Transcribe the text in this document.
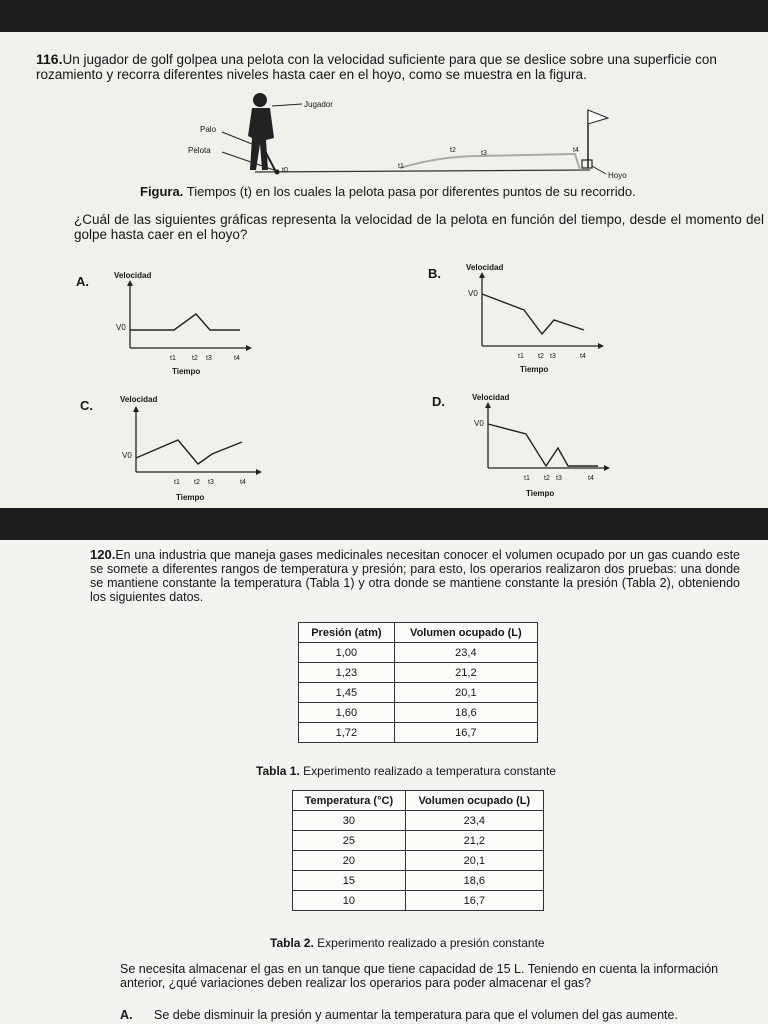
116.Un jugador de golf golpea una pelota con la velocidad suficiente para que se deslice sobre una superficie con rozamiento y recorra diferentes niveles hasta caer en el hoyo, como se muestra en la figura.

Jugador
Palo
Pelota
t0
t1
t2	t3	t4
Hoyo

Figura. Tiempos (t) en los cuales la pelota pasa por diferentes puntos de su recorrido.

¿Cuál de las siguientes gráficas representa la velocidad de la pelota en función del tiempo, desde el momento del golpe hasta caer en el hoyo?

A.
B.
C.	D.
Velocidad
V0
t1 t2 t3	t4
Tiempo
Velocidad
V0
t1 t2 t3	t4
Tiempo
Velocidad
V0
t1 t2 t3	t4
Tiempo
Velocidad
V0
t1 t2 t3	t4
Tiempo

120.En una industria que maneja gases medicinales necesitan conocer el volumen ocupado por un gas cuando este se somete a diferentes rangos de temperatura y presión; para esto, los operarios realizaron dos pruebas: una donde se mantiene constante la temperatura (Tabla 1) y otra donde se mantiene constante la presión (Tabla 2), obteniendo los siguientes datos.

Presión (atm)	Volumen ocupado (L)
1,00	23,4
1,23	21,2
1,45	20,1
1,60	18,6
1,72	16,7

Tabla 1. Experimento realizado a temperatura constante

Temperatura (°C)	Volumen ocupado (L)
30	23,4
25	21,2
20	20,1
15	18,6
10	16,7

Tabla 2. Experimento realizado a presión constante

Se necesita almacenar el gas en un tanque que tiene capacidad de 15 L. Teniendo en cuenta la información anterior, ¿qué variaciones deben realizar los operarios para poder almacenar el gas?

A. Se debe disminuir la presión y aumentar la temperatura para que el volumen del gas aumente.
